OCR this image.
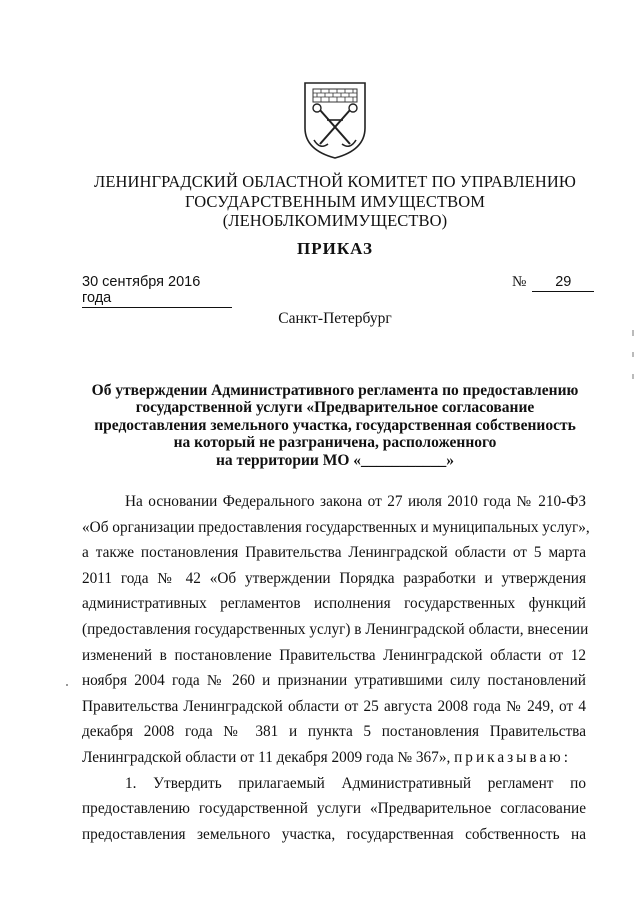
ЛЕНИНГРАДСКИЙ ОБЛАСТНОЙ КОМИТЕТ ПО УПРАВЛЕНИЮ
ГОСУДАРСТВЕННЫМ ИМУЩЕСТВОМ
(ЛЕНОБЛКОМИМУЩЕСТВО)
ПРИКАЗ
30 сентября 2016 года
№ 29
Санкт-Петербург
Об утверждении Административного регламента по предоставлению
государственной услуги «Предварительное согласование
предоставления земельного участка, государственная собствениость
на который не разграничена, расположенного
на территории МО «___________»
На основании Федерального закона от 27 июля 2010 года № 210-ФЗ
«Об организации предоставления государственных и муниципальных услуг»,
а также постановления Правительства Ленинградской области от 5 марта
2011 года № 42 «Об утверждении Порядка разработки и утверждения
административных регламентов исполнения государственных функций
(предоставления государственных услуг) в Ленинградской области, внесении
изменений в постановление Правительства Ленинградской области от 12
ноября 2004 года № 260 и признании утратившими силу постановлений
Правительства Ленинградской области от 25 августа 2008 года № 249, от 4
декабря 2008 года № 381 и пункта 5 постановления Правительства
Ленинградской области от 11 декабря 2009 года № 367», приказываю:
1. Утвердить прилагаемый Административный регламент по
предоставлению государственной услуги «Предварительное согласование
предоставления земельного участка, государственная собственность на
